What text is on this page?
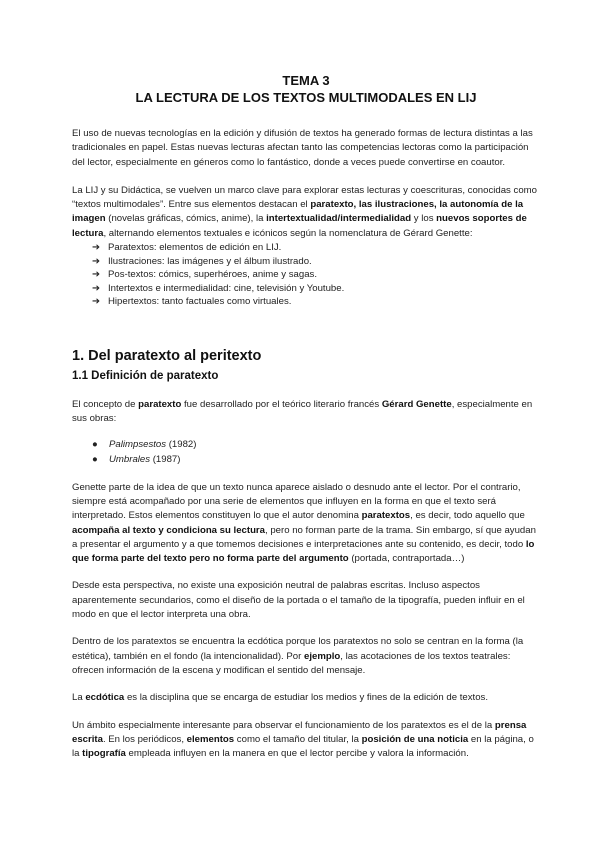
TEMA 3
LA LECTURA DE LOS TEXTOS MULTIMODALES EN LIJ

El uso de nuevas tecnologías en la edición y difusión de textos ha generado formas de lectura distintas a las tradicionales en papel. Estas nuevas lecturas afectan tanto las competencias lectoras como la participación del lector, especialmente en géneros como lo fantástico, donde a veces puede convertirse en coautor.

La LIJ y su Didáctica, se vuelven un marco clave para explorar estas lecturas y coescrituras, conocidas como “textos multimodales”. Entre sus elementos destacan el paratexto, las ilustraciones, la autonomía de la imagen (novelas gráficas, cómics, anime), la intertextualidad/intermedialidad y los nuevos soportes de lectura, alternando elementos textuales e icónicos según la nomenclatura de Gérard Genette:

➔ Paratextos: elementos de edición en LIJ.
➔ Ilustraciones: las imágenes y el álbum ilustrado.
➔ Pos-textos: cómics, superhéroes, anime y sagas.
➔ Intertextos e intermedialidad: cine, televisión y Youtube.
➔ Hipertextos: tanto factuales como virtuales.
1. Del paratexto al peritexto
1.1 Definición de paratexto

El concepto de paratexto fue desarrollado por el teórico literario francés Gérard Genette, especialmente en sus obras:

● Palimpsestos (1982)
● Umbrales (1987)

Genette parte de la idea de que un texto nunca aparece aislado o desnudo ante el lector. Por el contrario, siempre está acompañado por una serie de elementos que influyen en la forma en que el texto será interpretado. Estos elementos constituyen lo que el autor denomina paratextos, es decir, todo aquello que acompaña al texto y condiciona su lectura, pero no forman parte de la trama. Sin embargo, sí que ayudan a presentar el argumento y a que tomemos decisiones e interpretaciones ante su contenido, es decir, todo lo que forma parte del texto pero no forma parte del argumento (portada, contraportada…)

Desde esta perspectiva, no existe una exposición neutral de palabras escritas. Incluso aspectos aparentemente secundarios, como el diseño de la portada o el tamaño de la tipografía, pueden influir en el modo en que el lector interpreta una obra.

Dentro de los paratextos se encuentra la ecdótica porque los paratextos no solo se centran en la forma (la estética), también en el fondo (la intencionalidad). Por ejemplo, las acotaciones de los textos teatrales: ofrecen información de la escena y modifican el sentido del mensaje.

La ecdótica es la disciplina que se encarga de estudiar los medios y fines de la edición de textos.

Un ámbito especialmente interesante para observar el funcionamiento de los paratextos es el de la prensa escrita. En los periódicos, elementos como el tamaño del titular, la posición de una noticia en la página, o la tipografía empleada influyen en la manera en que el lector percibe y valora la información.
